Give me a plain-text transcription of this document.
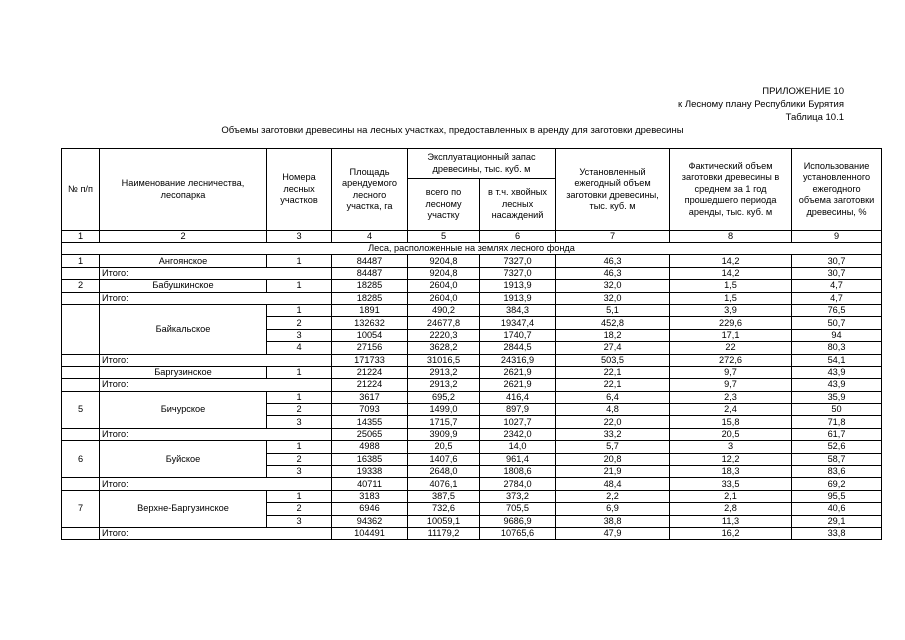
ПРИЛОЖЕНИЕ 10
к Лесному плану Республики Бурятия
Таблица 10.1
Объемы заготовки древесины на лесных участках, предоставленных в аренду для заготовки древесины
№ п/п	Наименование лесничества, лесопарка	Номера лесных участков	Площадь арендуемого лесного участка, га	Эксплуатационный запас древесины, тыс. куб. м		Установленный ежегодный объем заготовки древесины, тыс. куб. м	Фактический объем заготовки древесины в среднем за 1 год прошедшего периода аренды, тыс. куб. м	Использование установленного ежегодного объема заготовки древесины, %
				всего по лесному участку	в т.ч. хвойных лесных насаждений			
1	2	3	4	5	6	7	8	9
Леса, расположенные на землях лесного фонда								
1	Ангоянское	1	84487	9204,8	7327,0	46,3	14,2	30,7
	Итого:		84487	9204,8	7327,0	46,3	14,2	30,7
2	Бабушкинское	1	18285	2604,0	1913,9	32,0	1,5	4,7
	Итого:		18285	2604,0	1913,9	32,0	1,5	4,7
	Байкальское	1	1891	490,2	384,3	5,1	3,9	76,5
		2	132632	24677,8	19347,4	452,8	229,6	50,7
		3	10054	2220,3	1740,7	18,2	17,1	94
		4	27156	3628,2	2844,5	27,4	22	80,3
	Итого:		171733	31016,5	24316,9	503,5	272,6	54,1
	Баргузинское	1	21224	2913,2	2621,9	22,1	9,7	43,9
	Итого:		21224	2913,2	2621,9	22,1	9,7	43,9
5	Бичурское	1	3617	695,2	416,4	6,4	2,3	35,9
		2	7093	1499,0	897,9	4,8	2,4	50
		3	14355	1715,7	1027,7	22,0	15,8	71,8
	Итого:		25065	3909,9	2342,0	33,2	20,5	61,7
6	Буйское	1	4988	20,5	14,0	5,7	3	52,6
		2	16385	1407,6	961,4	20,8	12,2	58,7
		3	19338	2648,0	1808,6	21,9	18,3	83,6
	Итого:		40711	4076,1	2784,0	48,4	33,5	69,2
7	Верхне-Баргузинское	1	3183	387,5	373,2	2,2	2,1	95,5
		2	6946	732,6	705,5	6,9	2,8	40,6
		3	94362	10059,1	9686,9	38,8	11,3	29,1
	Итого:		104491	11179,2	10765,6	47,9	16,2	33,8
